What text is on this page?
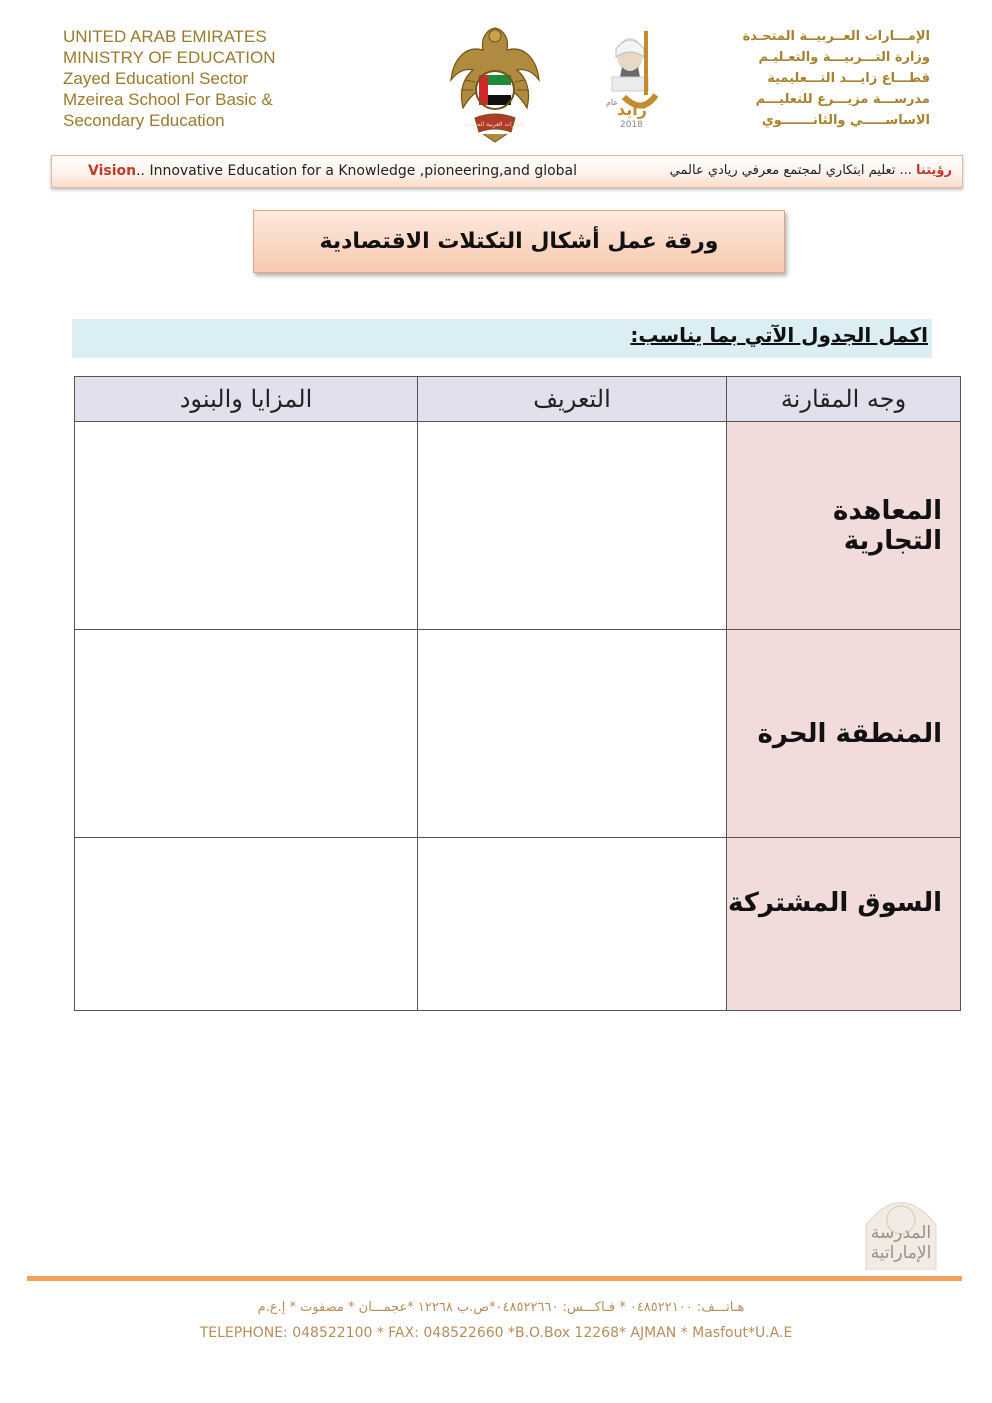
UNITED ARAB EMIRATES
MINISTRY OF EDUCATION
Zayed Educationl Sector
Mzeirea School For Basic &
Secondary Education	الإمارات العربية المتحدة
عام
زايد
2018
الإمـــارات العــربيــة المتحـدة
وزارة التـــربيـــة والتعـليـم
قطـــاع زايـــد التـــعليمية
مدرســـة مزيـــرع للتعليـــم
الاساســـــي والثانـــــــوي
Vision.. Innovative Education for a Knowledge ,pioneering,and global	رؤيتنا ... تعليم ابتكاري لمجتمع معرفي ريادي عالمي
ورقة عمل أشكال التكتلات الاقتصادية
اكمل الجدول الآتي بما يناسب:
وجه المقارنة	التعريف	المزايا والبنود
المعاهدة التجارية		
المنطقة الحرة		
السوق المشتركة		
المدرسة
الإماراتية
هـاتـــف: ٠٤٨٥٢٢١٠٠ * فـاكـــس: ٠٤٨٥٢٢٦٦٠*ص.ب ١٢٢٦٨ *عجمـــان * مصفوت * إ.ع.م
TELEPHONE: 048522100 * FAX: 048522660 *B.O.Box 12268* AJMAN * Masfout*U.A.E
